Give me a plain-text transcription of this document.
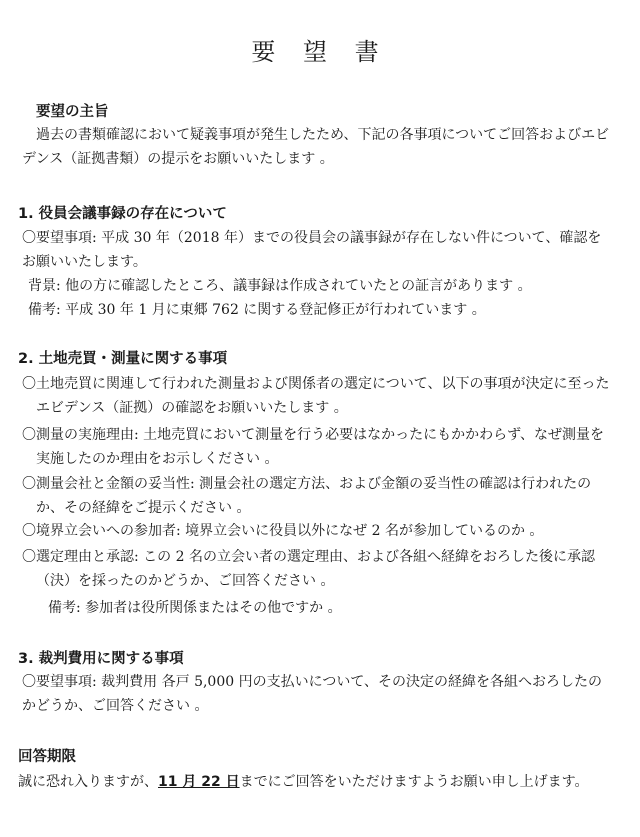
要 望 書
要望の主旨
　過去の書類確認において疑義事項が発生したため、下記の各事項についてご回答およびエビデンス（証拠書類）の提示をお願いいたします 。
1. 役員会議事録の存在について
〇要望事項: 平成 30 年（2018 年）までの役員会の議事録が存在しない件について、確認をお願いいたします。
背景: 他の方に確認したところ、議事録は作成されていたとの証言があります 。
備考: 平成 30 年 1 月に東郷 762 に関する登記修正が行われています 。
2. 土地売買・測量に関する事項
〇土地売買に関連して行われた測量および関係者の選定について、以下の事項が決定に至ったエビデンス（証拠）の確認をお願いいたします 。
〇測量の実施理由: 土地売買において測量を行う必要はなかったにもかかわらず、なぜ測量を実施したのか理由をお示しください 。
〇測量会社と金額の妥当性: 測量会社の選定方法、および金額の妥当性の確認は行われたのか、その経緯をご提示ください 。
〇境界立会いへの参加者: 境界立会いに役員以外になぜ 2 名が参加しているのか 。
〇選定理由と承認: この 2 名の立会い者の選定理由、および各組へ経緯をおろした後に承認（決）を採ったのかどうか、ご回答ください 。
備考: 参加者は役所関係またはその他ですか 。
3. 裁判費用に関する事項
〇要望事項: 裁判費用 各戸 5,000 円の支払いについて、その決定の経緯を各組へおろしたのかどうか、ご回答ください 。
回答期限
誠に恐れ入りますが、11 月 22 日までにご回答をいただけますようお願い申し上げます。
